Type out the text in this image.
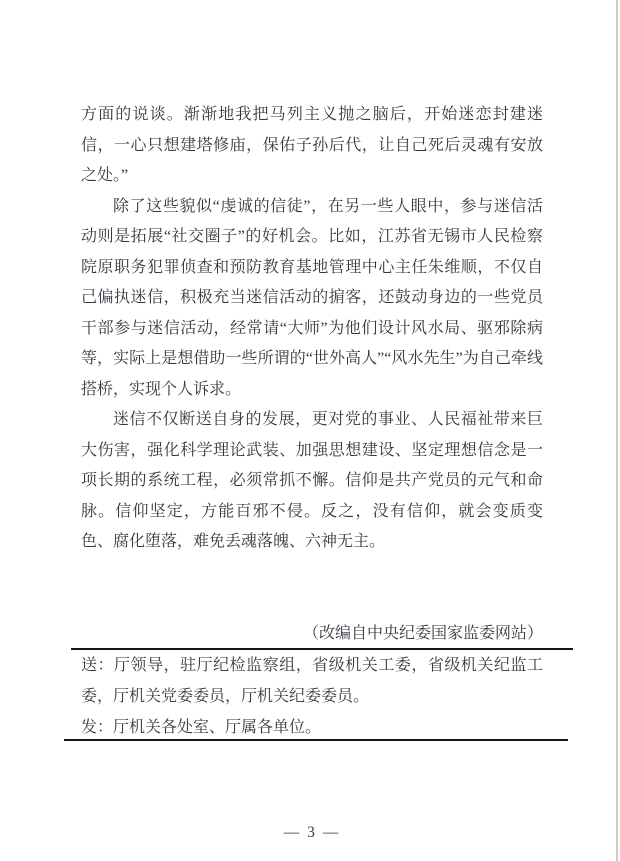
方面的说谈。渐渐地我把马列主义抛之脑后，开始迷恋封建迷信，一心只想建塔修庙，保佑子孙后代，让自己死后灵魂有安放之处。”

除了这些貌似“虔诚的信徒”，在另一些人眼中，参与迷信活动则是拓展“社交圈子”的好机会。比如，江苏省无锡市人民检察院原职务犯罪侦查和预防教育基地管理中心主任朱维顺，不仅自己偏执迷信，积极充当迷信活动的掮客，还鼓动身边的一些党员干部参与迷信活动，经常请“大师”为他们设计风水局、驱邪除病等，实际上是想借助一些所谓的“世外高人”“风水先生”为自己牵线搭桥，实现个人诉求。

迷信不仅断送自身的发展，更对党的事业、人民福祉带来巨大伤害，强化科学理论武装、加强思想建设、坚定理想信念是一项长期的系统工程，必须常抓不懈。信仰是共产党员的元气和命脉。信仰坚定，方能百邪不侵。反之，没有信仰，就会变质变色、腐化堕落，难免丢魂落魄、六神无主。

（改编自中央纪委国家监委网站）

送：厅领导，驻厅纪检监察组，省级机关工委，省级机关纪监工委，厅机关党委委员，厅机关纪委委员。

发：厅机关各处室、厅属各单位。

— 3 —
